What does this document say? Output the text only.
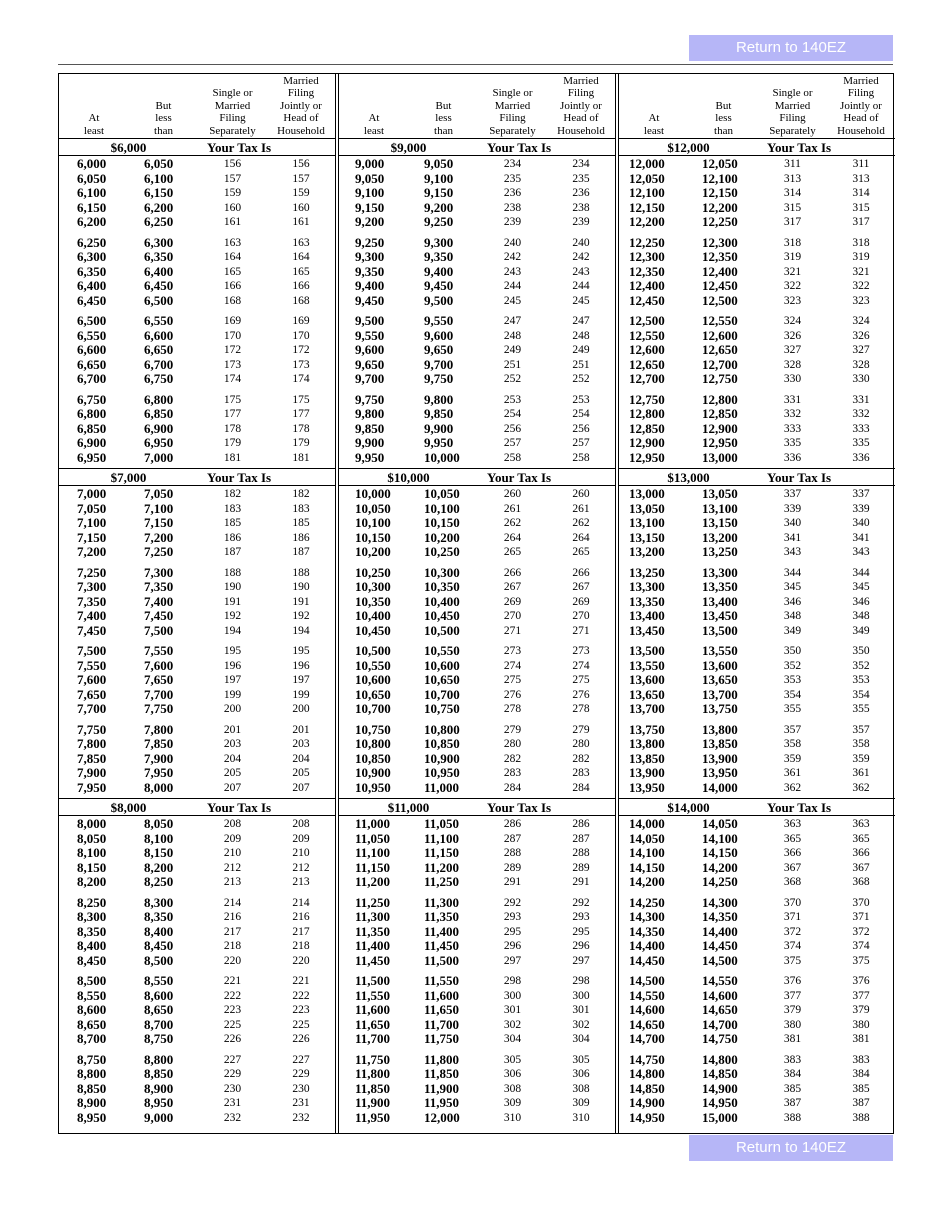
Return to 140EZ
At
least
But
less
than
Single or
Married
Filing
Separately
Married
Filing
Jointly or
Head of
Household
$6,000	Your Tax Is
6,000	6,050	156	156
6,050	6,100	157	157
6,100	6,150	159	159
6,150	6,200	160	160
6,200	6,250	161	161
6,250	6,300	163	163
6,300	6,350	164	164
6,350	6,400	165	165
6,400	6,450	166	166
6,450	6,500	168	168
6,500	6,550	169	169
6,550	6,600	170	170
6,600	6,650	172	172
6,650	6,700	173	173
6,700	6,750	174	174
6,750	6,800	175	175
6,800	6,850	177	177
6,850	6,900	178	178
6,900	6,950	179	179
6,950	7,000	181	181
$7,000	Your Tax Is
7,000	7,050	182	182
7,050	7,100	183	183
7,100	7,150	185	185
7,150	7,200	186	186
7,200	7,250	187	187
7,250	7,300	188	188
7,300	7,350	190	190
7,350	7,400	191	191
7,400	7,450	192	192
7,450	7,500	194	194
7,500	7,550	195	195
7,550	7,600	196	196
7,600	7,650	197	197
7,650	7,700	199	199
7,700	7,750	200	200
7,750	7,800	201	201
7,800	7,850	203	203
7,850	7,900	204	204
7,900	7,950	205	205
7,950	8,000	207	207
$8,000	Your Tax Is
8,000	8,050	208	208
8,050	8,100	209	209
8,100	8,150	210	210
8,150	8,200	212	212
8,200	8,250	213	213
8,250	8,300	214	214
8,300	8,350	216	216
8,350	8,400	217	217
8,400	8,450	218	218
8,450	8,500	220	220
8,500	8,550	221	221
8,550	8,600	222	222
8,600	8,650	223	223
8,650	8,700	225	225
8,700	8,750	226	226
8,750	8,800	227	227
8,800	8,850	229	229
8,850	8,900	230	230
8,900	8,950	231	231
8,950	9,000	232	232
At
least
But
less
than
Single or
Married
Filing
Separately
Married
Filing
Jointly or
Head of
Household
$9,000	Your Tax Is
9,000	9,050	234	234
9,050	9,100	235	235
9,100	9,150	236	236
9,150	9,200	238	238
9,200	9,250	239	239
9,250	9,300	240	240
9,300	9,350	242	242
9,350	9,400	243	243
9,400	9,450	244	244
9,450	9,500	245	245
9,500	9,550	247	247
9,550	9,600	248	248
9,600	9,650	249	249
9,650	9,700	251	251
9,700	9,750	252	252
9,750	9,800	253	253
9,800	9,850	254	254
9,850	9,900	256	256
9,900	9,950	257	257
9,950	10,000	258	258
$10,000	Your Tax Is
10,000	10,050	260	260
10,050	10,100	261	261
10,100	10,150	262	262
10,150	10,200	264	264
10,200	10,250	265	265
10,250	10,300	266	266
10,300	10,350	267	267
10,350	10,400	269	269
10,400	10,450	270	270
10,450	10,500	271	271
10,500	10,550	273	273
10,550	10,600	274	274
10,600	10,650	275	275
10,650	10,700	276	276
10,700	10,750	278	278
10,750	10,800	279	279
10,800	10,850	280	280
10,850	10,900	282	282
10,900	10,950	283	283
10,950	11,000	284	284
$11,000	Your Tax Is
11,000	11,050	286	286
11,050	11,100	287	287
11,100	11,150	288	288
11,150	11,200	289	289
11,200	11,250	291	291
11,250	11,300	292	292
11,300	11,350	293	293
11,350	11,400	295	295
11,400	11,450	296	296
11,450	11,500	297	297
11,500	11,550	298	298
11,550	11,600	300	300
11,600	11,650	301	301
11,650	11,700	302	302
11,700	11,750	304	304
11,750	11,800	305	305
11,800	11,850	306	306
11,850	11,900	308	308
11,900	11,950	309	309
11,950	12,000	310	310
At
least
But
less
than
Single or
Married
Filing
Separately
Married
Filing
Jointly or
Head of
Household
$12,000	Your Tax Is
12,000	12,050	311	311
12,050	12,100	313	313
12,100	12,150	314	314
12,150	12,200	315	315
12,200	12,250	317	317
12,250	12,300	318	318
12,300	12,350	319	319
12,350	12,400	321	321
12,400	12,450	322	322
12,450	12,500	323	323
12,500	12,550	324	324
12,550	12,600	326	326
12,600	12,650	327	327
12,650	12,700	328	328
12,700	12,750	330	330
12,750	12,800	331	331
12,800	12,850	332	332
12,850	12,900	333	333
12,900	12,950	335	335
12,950	13,000	336	336
$13,000	Your Tax Is
13,000	13,050	337	337
13,050	13,100	339	339
13,100	13,150	340	340
13,150	13,200	341	341
13,200	13,250	343	343
13,250	13,300	344	344
13,300	13,350	345	345
13,350	13,400	346	346
13,400	13,450	348	348
13,450	13,500	349	349
13,500	13,550	350	350
13,550	13,600	352	352
13,600	13,650	353	353
13,650	13,700	354	354
13,700	13,750	355	355
13,750	13,800	357	357
13,800	13,850	358	358
13,850	13,900	359	359
13,900	13,950	361	361
13,950	14,000	362	362
$14,000	Your Tax Is
14,000	14,050	363	363
14,050	14,100	365	365
14,100	14,150	366	366
14,150	14,200	367	367
14,200	14,250	368	368
14,250	14,300	370	370
14,300	14,350	371	371
14,350	14,400	372	372
14,400	14,450	374	374
14,450	14,500	375	375
14,500	14,550	376	376
14,550	14,600	377	377
14,600	14,650	379	379
14,650	14,700	380	380
14,700	14,750	381	381
14,750	14,800	383	383
14,800	14,850	384	384
14,850	14,900	385	385
14,900	14,950	387	387
14,950	15,000	388	388
Return to 140EZ
